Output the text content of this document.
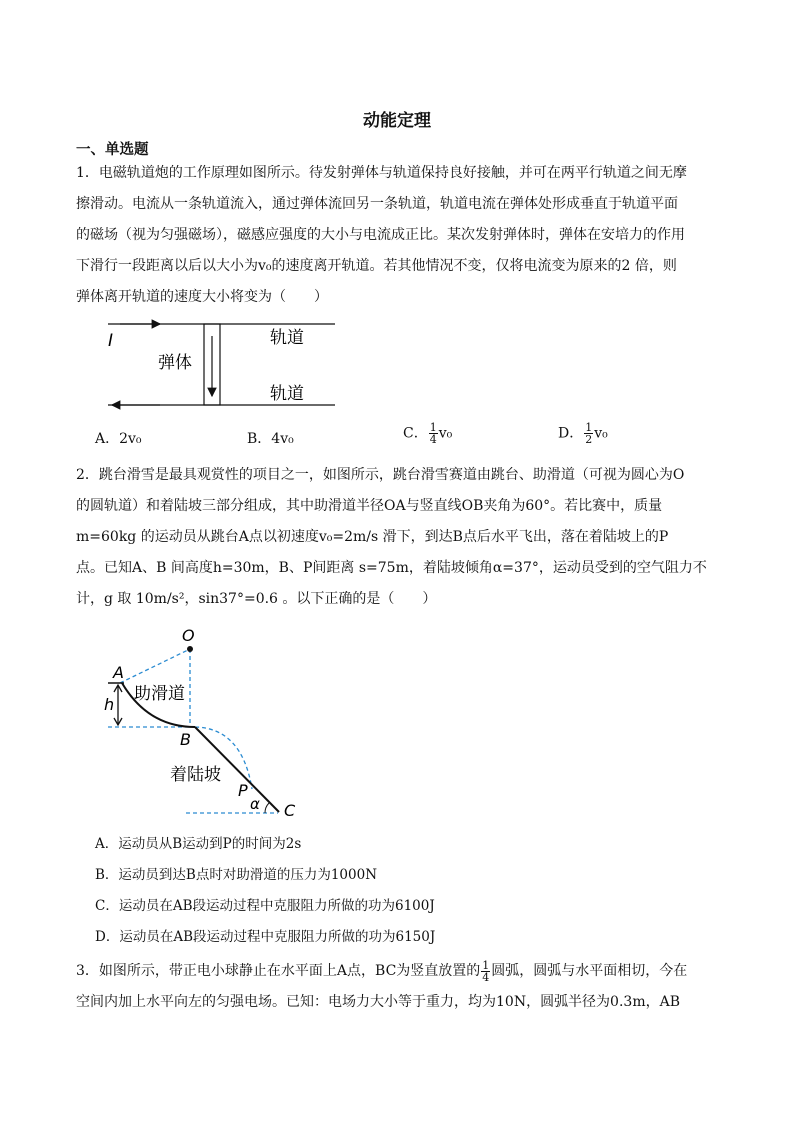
动能定理
一、单选题
1．电磁轨道炮的工作原理如图所示。待发射弹体与轨道保持良好接触，并可在两平行轨道之间无摩
擦滑动。电流从一条轨道流入，通过弹体流回另一条轨道，轨道电流在弹体处形成垂直于轨道平面
的磁场（视为匀强磁场），磁感应强度的大小与电流成正比。某次发射弹体时，弹体在安培力的作用
下滑行一段距离以后以大小为v₀的速度离开轨道。若其他情况不变，仅将电流变为原来的2 倍，则
弹体离开轨道的速度大小将变为（　　）
I
弹体
轨道
轨道
A．2v₀	B．4v₀	C． $\frac{1}{4} v_0$	D． $\frac{1}{2} v_0$
2．跳台滑雪是最具观赏性的项目之一，如图所示，跳台滑雪赛道由跳台、助滑道（可视为圆心为O
的圆轨道）和着陆坡三部分组成，其中助滑道半径OA与竖直线OB夹角为60°。若比赛中，质量
m=60kg 的运动员从跳台A点以初速度v₀=2m/s 滑下，到达B点后水平飞出，落在着陆坡上的P
点。已知A、B 间高度h=30m，B、P间距离 s=75m，着陆坡倾角α=37°，运动员受到的空气阻力不
计，g 取 10m/s²，sin37°=0.6 。以下正确的是（　　）
O
A
h
助滑道
B
着陆坡
P
α C
A．运动员从B运动到P的时间为2s
B．运动员到达B点时对助滑道的压力为1000N
C．运动员在AB段运动过程中克服阻力所做的功为6100J
D．运动员在AB段运动过程中克服阻力所做的功为6150J
3．如图所示，带正电小球静止在水平面上A点，BC为竖直放置的 $\frac{1}{4}$ 圆弧，圆弧与水平面相切，今在
空间内加上水平向左的匀强电场。已知：电场力大小等于重力，均为10N，圆弧半径为0.3m，AB
